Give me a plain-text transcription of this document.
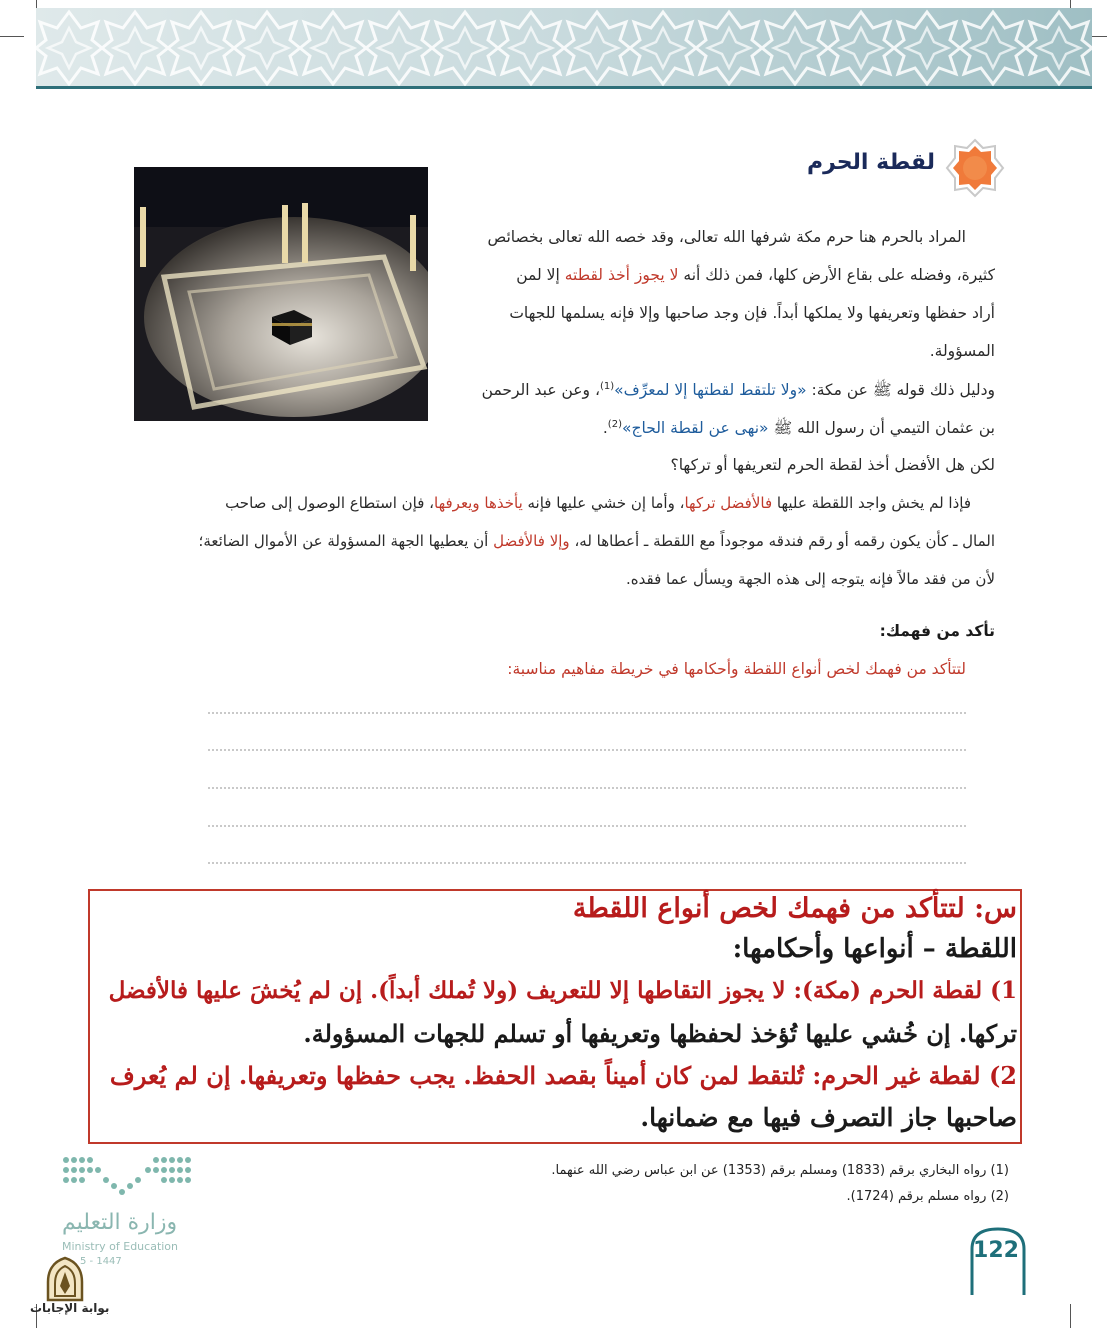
لقطة الحرم
المراد بالحرم هنا حرم مكة شرفها الله تعالى، وقد خصه الله تعالى بخصائص
كثيرة، وفضله على بقاع الأرض كلها، فمن ذلك أنه لا يجوز أخذ لقطته إلا لمن
أراد حفظها وتعريفها ولا يملكها أبداً. فإن وجد صاحبها وإلا فإنه يسلمها للجهات
المسؤولة.
ودليل ذلك قوله ﷺ عن مكة: «ولا تلتقط لقطتها إلا لمعرِّف»$^{(1)}$، وعن عبد الرحمن
بن عثمان التيمي أن رسول الله ﷺ «نهى عن لقطة الحاج»$^{(2)}$.
لكن هل الأفضل أخذ لقطة الحرم لتعريفها أو تركها؟
فإذا لم يخش واجد اللقطة عليها فالأفضل تركها، وأما إن خشي عليها فإنه يأخذها ويعرفها، فإن استطاع الوصول إلى صاحب
المال ـ كأن يكون رقمه أو رقم فندقه موجوداً مع اللقطة ـ أعطاها له، وإلا فالأفضل أن يعطيها الجهة المسؤولة عن الأموال الضائعة؛
لأن من فقد مالاً فإنه يتوجه إلى هذه الجهة ويسأل عما فقده.
تأكد من فهمك:
لتتأكد من فهمك لخص أنواع اللقطة وأحكامها في خريطة مفاهيم مناسبة:
س: لتتأكد من فهمك لخص أنواع اللقطة
اللقطة – أنواعها وأحكامها:
1) لقطة الحرم (مكة): لا يجوز التقاطها إلا للتعريف (ولا تُملك أبداً). إن لم يُخشَ عليها فالأفضل
تركها. إن خُشي عليها تُؤخذ لحفظها وتعريفها أو تسلم للجهات المسؤولة.
2) لقطة غير الحرم: تُلتقط لمن كان أميناً بقصد الحفظ. يجب حفظها وتعريفها. إن لم يُعرف
صاحبها جاز التصرف فيها مع ضمانها.
(1) رواه البخاري برقم (1833) ومسلم برقم (1353) عن ابن عباس رضي الله عنهما.
(2) رواه مسلم برقم (1724).
122
وزارة التعليم
Ministry of Education
5 - 1447
بوابة الإجابات
